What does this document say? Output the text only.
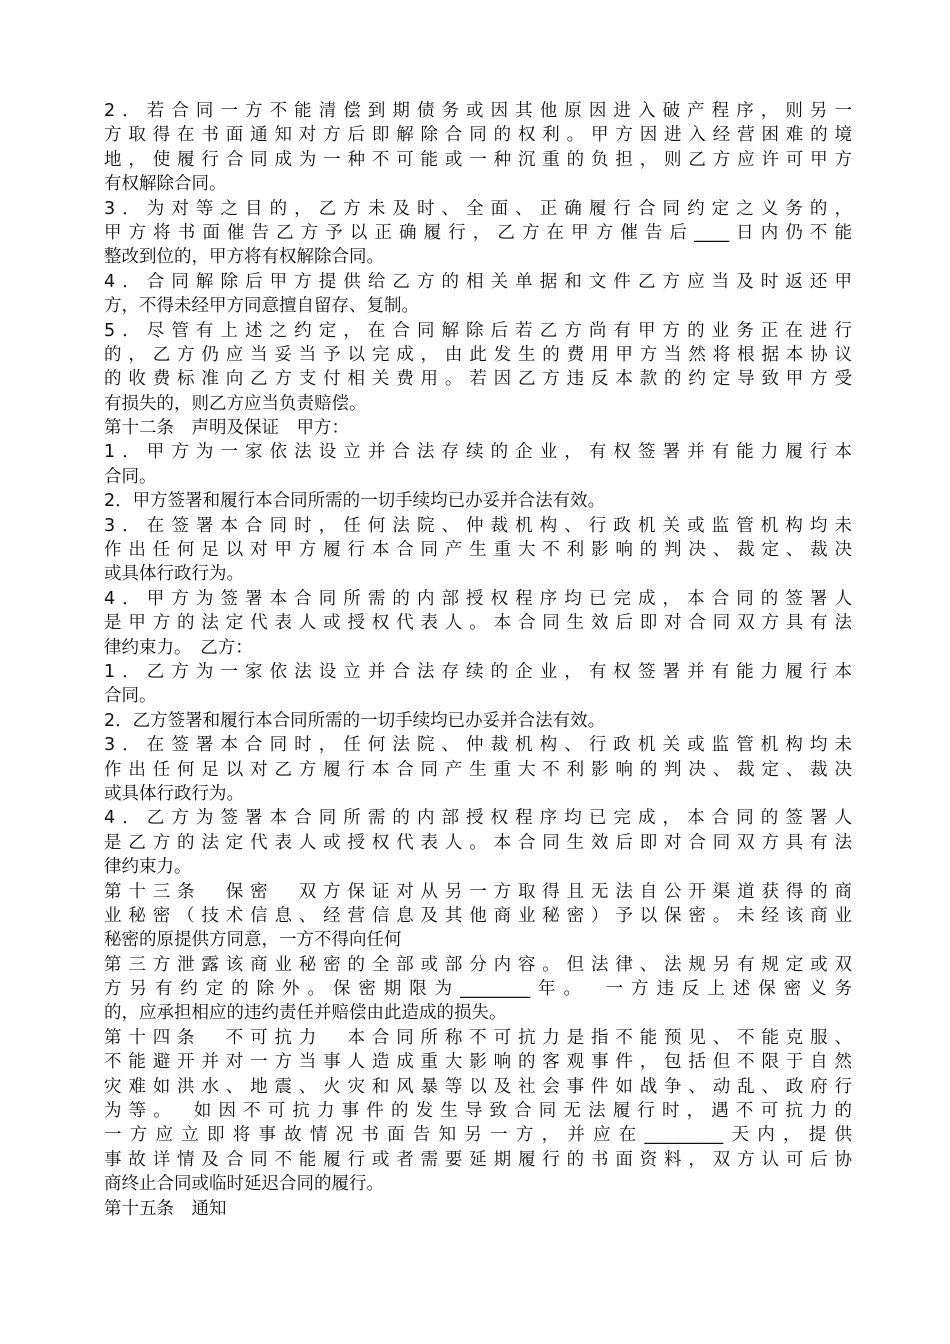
2．若合同一方不能清偿到期债务或因其他原因进入破产程序，则另一
方取得在书面通知对方后即解除合同的权利。甲方因进入经营困难的境
地，使履行合同成为一种不可能或一种沉重的负担，则乙方应许可甲方
有权解除合同。
3．为对等之目的，乙方未及时、全面、正确履行合同约定之义务的，
甲方将书面催告乙方予以正确履行，乙方在甲方催告后____日内仍不能
整改到位的，甲方将有权解除合同。
4．合同解除后甲方提供给乙方的相关单据和文件乙方应当及时返还甲
方，不得未经甲方同意擅自留存、复制。
5．尽管有上述之约定，在合同解除后若乙方尚有甲方的业务正在进行
的，乙方仍应当妥当予以完成，由此发生的费用甲方当然将根据本协议
的收费标准向乙方支付相关费用。若因乙方违反本款的约定导致甲方受
有损失的，则乙方应当负责赔偿。
第十二条　声明及保证　甲方：
1．甲方为一家依法设立并合法存续的企业，有权签署并有能力履行本
合同。
2．甲方签署和履行本合同所需的一切手续均已办妥并合法有效。
3．在签署本合同时，任何法院、仲裁机构、行政机关或监管机构均未
作出任何足以对甲方履行本合同产生重大不利影响的判决、裁定、裁决
或具体行政行为。
4．甲方为签署本合同所需的内部授权程序均已完成，本合同的签署人
是甲方的法定代表人或授权代表人。本合同生效后即对合同双方具有法
律约束力。　乙方：
1．乙方为一家依法设立并合法存续的企业，有权签署并有能力履行本
合同。
2．乙方签署和履行本合同所需的一切手续均已办妥并合法有效。
3．在签署本合同时，任何法院、仲裁机构、行政机关或监管机构均未
作出任何足以对乙方履行本合同产生重大不利影响的判决、裁定、裁决
或具体行政行为。
4．乙方为签署本合同所需的内部授权程序均已完成，本合同的签署人
是乙方的法定代表人或授权代表人。本合同生效后即对合同双方具有法
律约束力。
第十三条　保密　双方保证对从另一方取得且无法自公开渠道获得的商
业秘密（技术信息、经营信息及其他商业秘密）予以保密。未经该商业
秘密的原提供方同意，一方不得向任何
第三方泄露该商业秘密的全部或部分内容。但法律、法规另有规定或双
方另有约定的除外。保密期限为________年。　一方违反上述保密义务
的，应承担相应的违约责任并赔偿由此造成的损失。
第十四条　不可抗力　本合同所称不可抗力是指不能预见、不能克服、
不能避开并对一方当事人造成重大影响的客观事件，包括但不限于自然
灾难如洪水、地震、火灾和风暴等以及社会事件如战争、动乱、政府行
为等。　如因不可抗力事件的发生导致合同无法履行时，遇不可抗力的
一方应立即将事故情况书面告知另一方，并应在_________天内，提供
事故详情及合同不能履行或者需要延期履行的书面资料，双方认可后协
商终止合同或临时延迟合同的履行。
第十五条　通知
